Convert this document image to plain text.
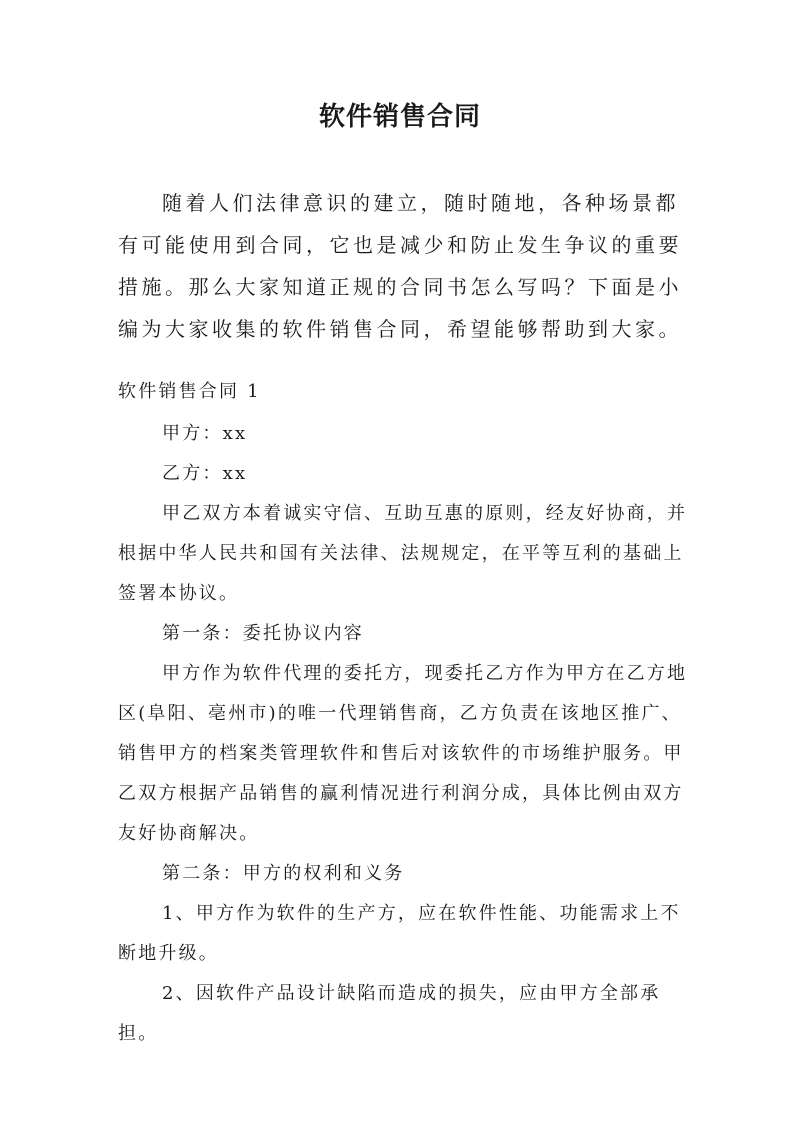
软件销售合同

随着人们法律意识的建立，随时随地，各种场景都有可能使用到合同，它也是减少和防止发生争议的重要措施。那么大家知道正规的合同书怎么写吗？下面是小编为大家收集的软件销售合同，希望能够帮助到大家。

软件销售合同 1

甲方：xx

乙方：xx

甲乙双方本着诚实守信、互助互惠的原则，经友好协商，并根据中华人民共和国有关法律、法规规定，在平等互利的基础上签署本协议。

第一条：委托协议内容

甲方作为软件代理的委托方，现委托乙方作为甲方在乙方地区(阜阳、亳州市)的唯一代理销售商，乙方负责在该地区推广、销售甲方的档案类管理软件和售后对该软件的市场维护服务。甲乙双方根据产品销售的赢利情况进行利润分成，具体比例由双方友好协商解决。

第二条：甲方的权利和义务

1、甲方作为软件的生产方，应在软件性能、功能需求上不断地升级。

2、因软件产品设计缺陷而造成的损失，应由甲方全部承担。
